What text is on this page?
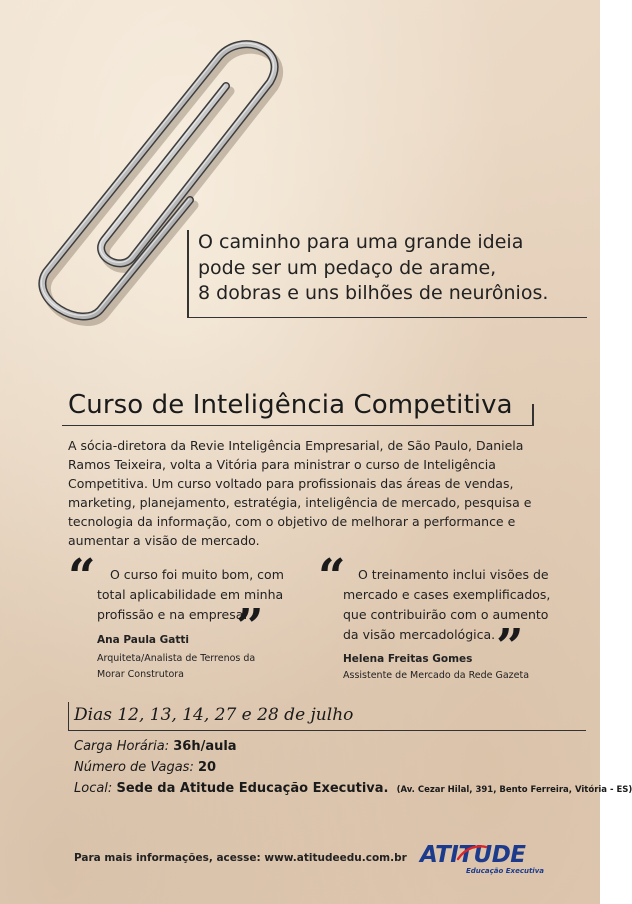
O caminho para uma grande ideia

pode ser um pedaço de arame,

8 dobras e uns bilhões de neurônios.

Curso de Inteligência Competitiva

A sócia-diretora da Revie Inteligência Empresarial, de São Paulo, Daniela Ramos Teixeira, volta a Vitória para ministrar o curso de Inteligência Competitiva. Um curso voltado para profissionais das áreas de vendas, marketing, planejamento, estratégia, inteligência de mercado, pesquisa e tecnologia da informação, com o objetivo de melhorar a performance e aumentar a visão de mercado.

“ O curso foi muito bom, com

total aplicabilidade em minha

profissão e na empresa.

”

Ana Paula Gatti

Arquiteta/Analista de Terrenos da

Morar Construtora

“ O treinamento inclui visões de

mercado e cases exemplificados,

que contribuirão com o aumento

da visão mercadológica. ”

Helena Freitas Gomes

Assistente de Mercado da Rede Gazeta

Dias 12, 13, 14, 27 e 28 de julho

Carga Horária: 36h/aula

Número de Vagas: 20

Local: Sede da Atitude Educação Executiva. (Av. Cezar Hilal, 391, Bento Ferreira, Vitória - ES)

Para mais informações, acesse: www.atitudeedu.com.br ATITUDE
Educação Executiva
